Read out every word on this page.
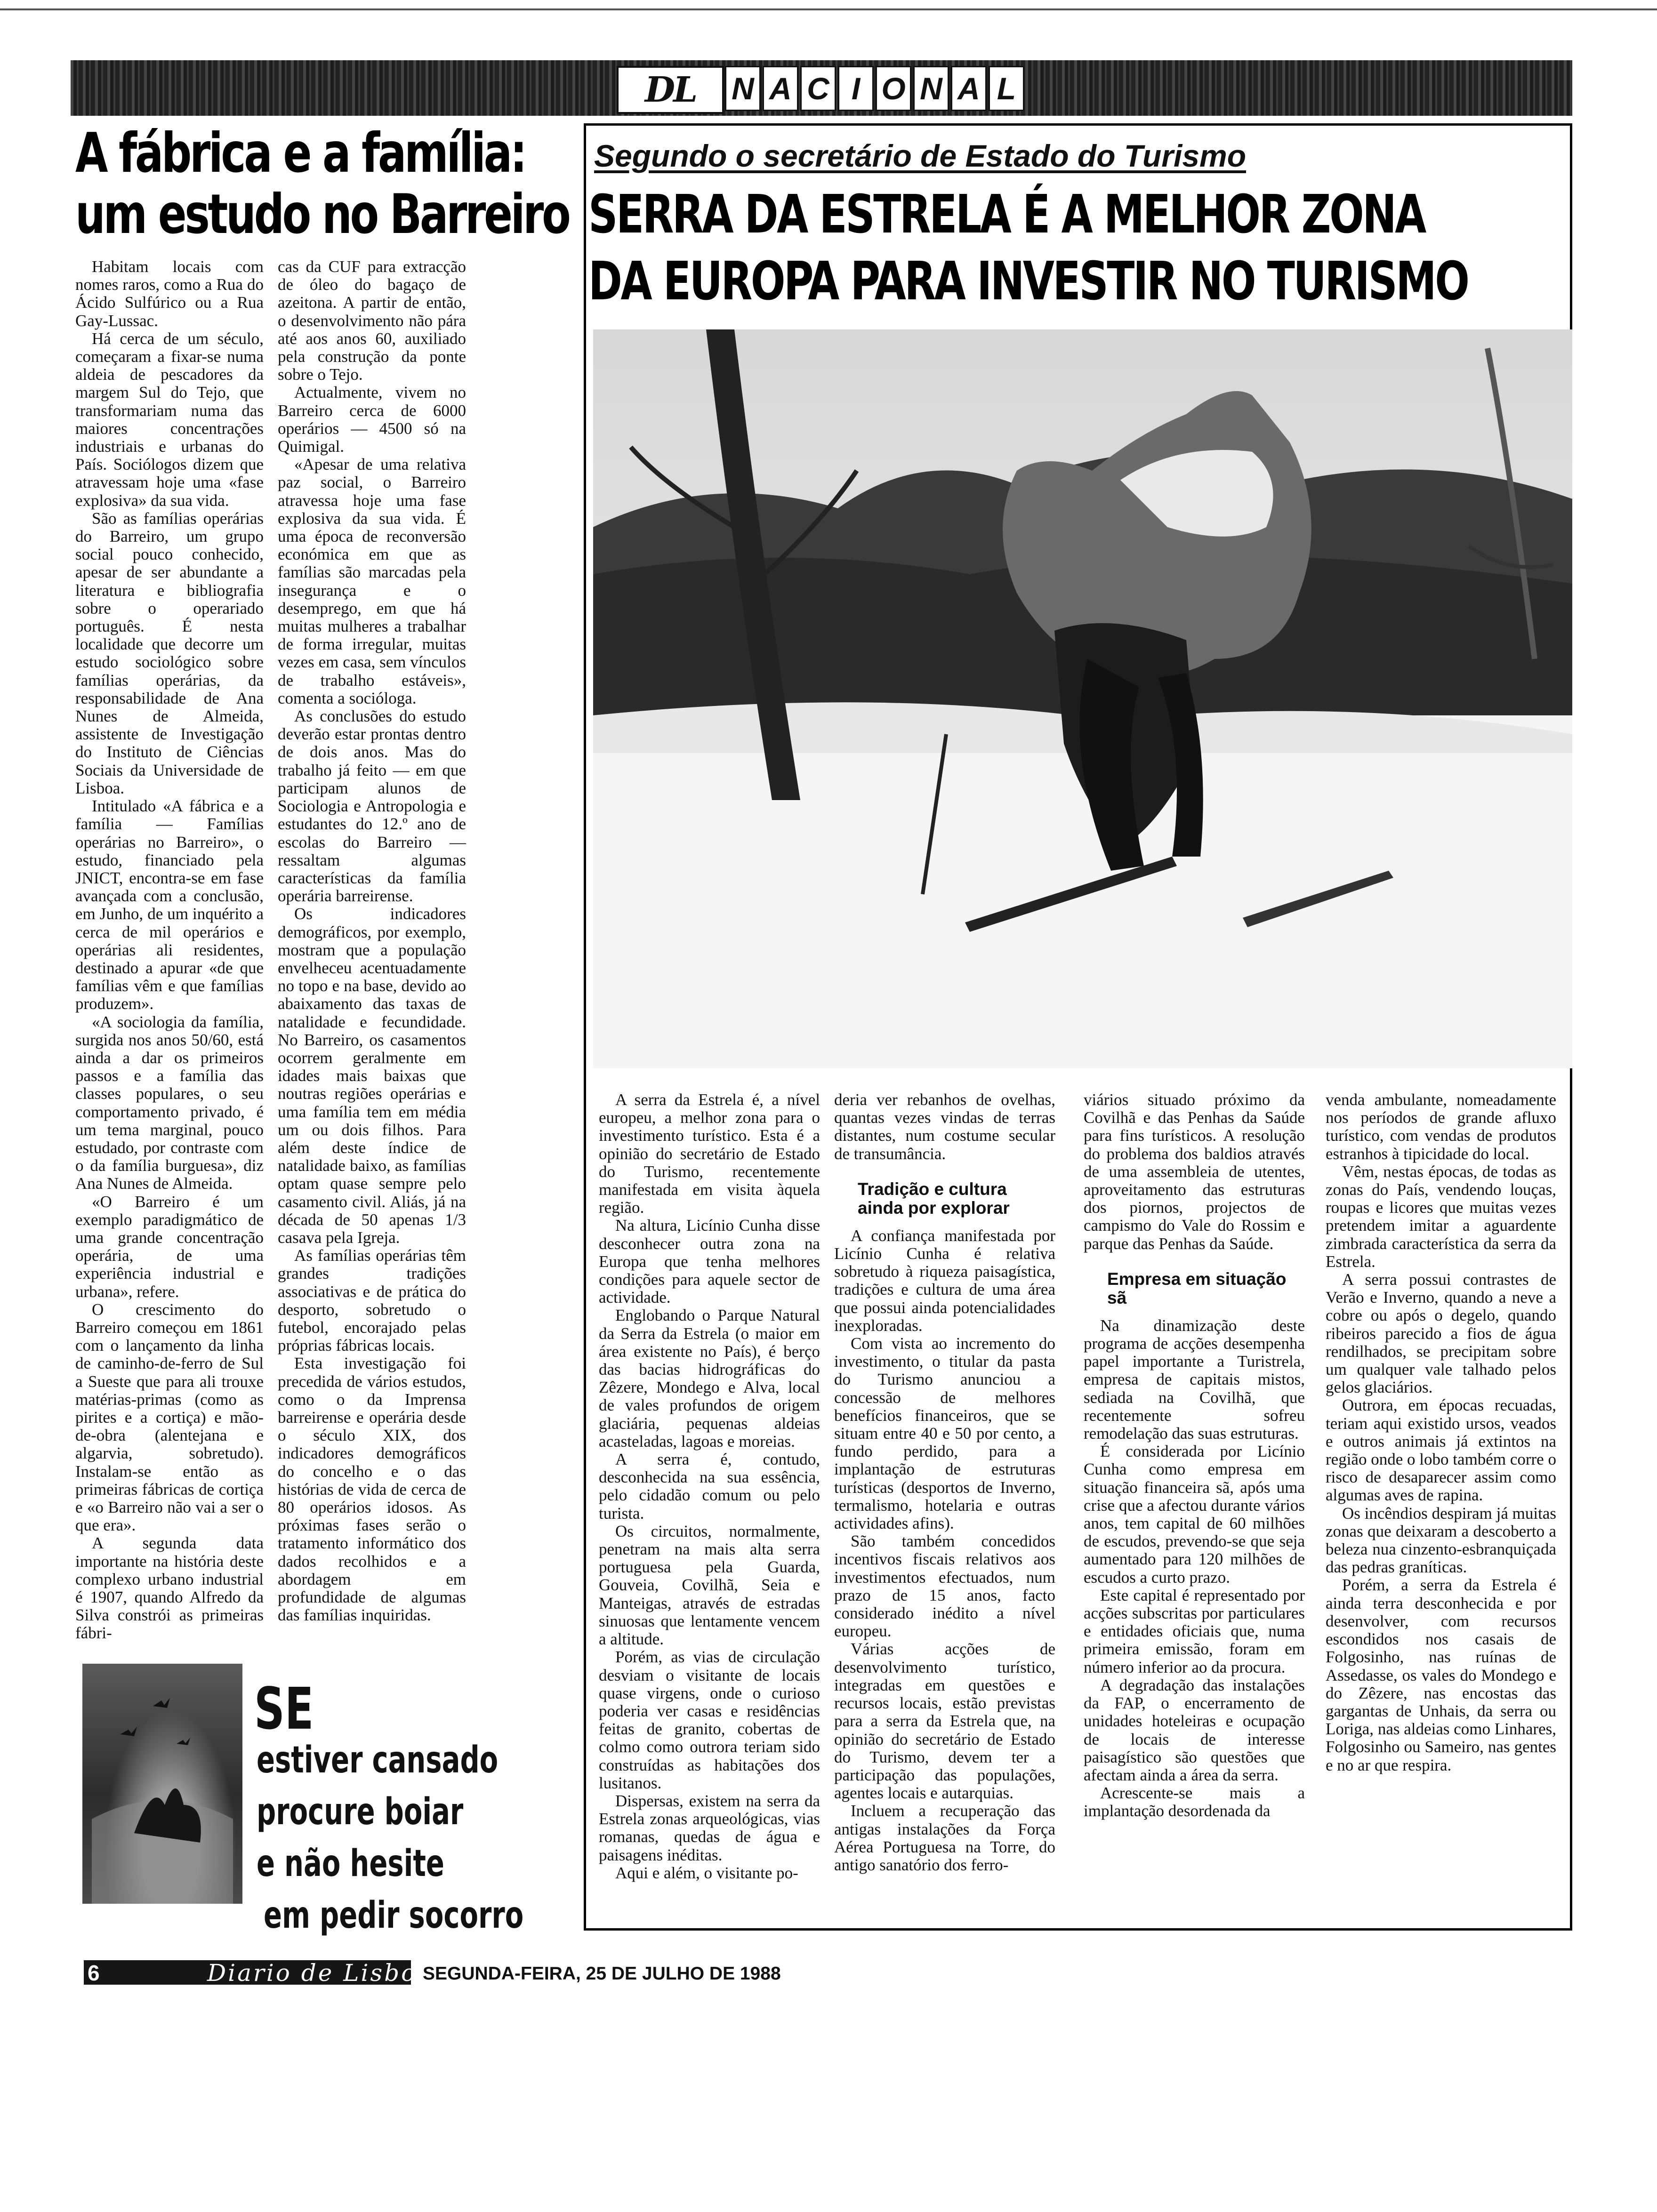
DL	N A C I O N A L
A fábrica e a família:
um estudo no Barreiro

Habitam locais com nomes raros, como a Rua do Ácido Sulfúrico ou a Rua Gay-Lussac.

Há cerca de um século, começaram a fixar-se numa aldeia de pescadores da margem Sul do Tejo, que transformariam numa das maiores concentrações industriais e urbanas do País. Sociólogos dizem que atravessam hoje uma «fase explosiva» da sua vida.

São as famílias operárias do Barreiro, um grupo social pouco conhecido, apesar de ser abundante a literatura e bibliografia sobre o operariado português. É nesta localidade que decorre um estudo sociológico sobre famílias operárias, da responsabilidade de Ana Nunes de Almeida, assistente de Investigação do Instituto de Ciências Sociais da Universidade de Lisboa.

Intitulado «A fábrica e a família — Famílias operárias no Barreiro», o estudo, financiado pela JNICT, encontra-se em fase avançada com a conclusão, em Junho, de um inquérito a cerca de mil operários e operárias ali residentes, destinado a apurar «de que famílias vêm e que famílias produzem».

«A sociologia da família, surgida nos anos 50/60, está ainda a dar os primeiros passos e a família das classes populares, o seu comportamento privado, é um tema marginal, pouco estudado, por contraste com o da família burguesa», diz Ana Nunes de Almeida.

«O Barreiro é um exemplo paradigmático de uma grande concentração operária, de uma experiência industrial e urbana», refere.

O crescimento do Barreiro começou em 1861 com o lançamento da linha de caminho-de-ferro de Sul a Sueste que para ali trouxe matérias-primas (como as pirites e a cortiça) e mão-de-obra (alentejana e algarvia, sobretudo). Instalam-se então as primeiras fábricas de cortiça e «o Barreiro não vai a ser o que era».

A segunda data importante na história deste complexo urbano industrial é 1907, quando Alfredo da Silva constrói as primeiras fábri-

cas da CUF para extracção de óleo do bagaço de azeitona. A partir de então, o desenvolvimento não pára até aos anos 60, auxiliado pela construção da ponte sobre o Tejo.

Actualmente, vivem no Barreiro cerca de 6000 operários — 4500 só na Quimigal.

«Apesar de uma relativa paz social, o Barreiro atravessa hoje uma fase explosiva da sua vida. É uma época de reconversão económica em que as famílias são marcadas pela insegurança e o desemprego, em que há muitas mulheres a trabalhar de forma irregular, muitas vezes em casa, sem vínculos de trabalho estáveis», comenta a socióloga.

As conclusões do estudo deverão estar prontas dentro de dois anos. Mas do trabalho já feito — em que participam alunos de Sociologia e Antropologia e estudantes do 12.º ano de escolas do Barreiro — ressaltam algumas características da família operária barreirense.

Os indicadores demográficos, por exemplo, mostram que a população envelheceu acentuadamente no topo e na base, devido ao abaixamento das taxas de natalidade e fecundidade. No Barreiro, os casamentos ocorrem geralmente em idades mais baixas que noutras regiões operárias e uma família tem em média um ou dois filhos. Para além deste índice de natalidade baixo, as famílias optam quase sempre pelo casamento civil. Aliás, já na década de 50 apenas 1/3 casava pela Igreja.

As famílias operárias têm grandes tradições associativas e de prática do desporto, sobretudo o futebol, encorajado pelas próprias fábricas locais.

Esta investigação foi precedida de vários estudos, como o da Imprensa barreirense e operária desde o século XIX, dos indicadores demográficos do concelho e o das histórias de vida de cerca de 80 operários idosos. As próximas fases serão o tratamento informático dos dados recolhidos e a abordagem em profundidade de algumas das famílias inquiridas.

SE
estiver cansado
procure boiar
e não hesite
em pedir socorro
Segundo o secretário de Estado do Turismo
SERRA DA ESTRELA É A MELHOR ZONA
DA EUROPA PARA INVESTIR NO TURISMO

A serra da Estrela é, a nível europeu, a melhor zona para o investimento turístico. Esta é a opinião do secretário de Estado do Turismo, recentemente manifestada em visita àquela região.

Na altura, Licínio Cunha disse desconhecer outra zona na Europa que tenha melhores condições para aquele sector de actividade.

Englobando o Parque Natural da Serra da Estrela (o maior em área existente no País), é berço das bacias hidrográficas do Zêzere, Mondego e Alva, local de vales profundos de origem glaciária, pequenas aldeias acasteladas, lagoas e moreias.

A serra é, contudo, desconhecida na sua essência, pelo cidadão comum ou pelo turista.

Os circuitos, normalmente, penetram na mais alta serra portuguesa pela Guarda, Gouveia, Covilhã, Seia e Manteigas, através de estradas sinuosas que lentamente vencem a altitude.

Porém, as vias de circulação desviam o visitante de locais quase virgens, onde o curioso poderia ver casas e residências feitas de granito, cobertas de colmo como outrora teriam sido construídas as habitações dos lusitanos.

Dispersas, existem na serra da Estrela zonas arqueológicas, vias romanas, quedas de água e paisagens inéditas.

Aqui e além, o visitante po-

deria ver rebanhos de ovelhas, quantas vezes vindas de terras distantes, num costume secular de transumância.

Tradição e cultura ainda por explorar

A confiança manifestada por Licínio Cunha é relativa sobretudo à riqueza paisagística, tradições e cultura de uma área que possui ainda potencialidades inexploradas.

Com vista ao incremento do investimento, o titular da pasta do Turismo anunciou a concessão de melhores benefícios financeiros, que se situam entre 40 e 50 por cento, a fundo perdido, para a implantação de estruturas turísticas (desportos de Inverno, termalismo, hotelaria e outras actividades afins).

São também concedidos incentivos fiscais relativos aos investimentos efectuados, num prazo de 15 anos, facto considerado inédito a nível europeu.

Várias acções de desenvolvimento turístico, integradas em questões e recursos locais, estão previstas para a serra da Estrela que, na opinião do secretário de Estado do Turismo, devem ter a participação das populações, agentes locais e autarquias.

Incluem a recuperação das antigas instalações da Força Aérea Portuguesa na Torre, do antigo sanatório dos ferro-

viários situado próximo da Covilhã e das Penhas da Saúde para fins turísticos. A resolução do problema dos baldios através de uma assembleia de utentes, aproveitamento das estruturas dos piornos, projectos de campismo do Vale do Rossim e parque das Penhas da Saúde.

Empresa em situação sã

Na dinamização deste programa de acções desempenha papel importante a Turistrela, empresa de capitais mistos, sediada na Covilhã, que recentemente sofreu remodelação das suas estruturas.

É considerada por Licínio Cunha como empresa em situação financeira sã, após uma crise que a afectou durante vários anos, tem capital de 60 milhões de escudos, prevendo-se que seja aumentado para 120 milhões de escudos a curto prazo.

Este capital é representado por acções subscritas por particulares e entidades oficiais que, numa primeira emissão, foram em número inferior ao da procura.

A degradação das instalações da FAP, o encerramento de unidades hoteleiras e ocupação de locais de interesse paisagístico são questões que afectam ainda a área da serra.

Acrescente-se mais a implantação desordenada da

venda ambulante, nomeadamente nos períodos de grande afluxo turístico, com vendas de produtos estranhos à tipicidade do local.

Vêm, nestas épocas, de todas as zonas do País, vendendo louças, roupas e licores que muitas vezes pretendem imitar a aguardente zimbrada característica da serra da Estrela.

A serra possui contrastes de Verão e Inverno, quando a neve a cobre ou após o degelo, quando ribeiros parecido a fios de água rendilhados, se precipitam sobre um qualquer vale talhado pelos gelos glaciários.

Outrora, em épocas recuadas, teriam aqui existido ursos, veados e outros animais já extintos na região onde o lobo também corre o risco de desaparecer assim como algumas aves de rapina.

Os incêndios despiram já muitas zonas que deixaram a descoberto a beleza nua cinzento-esbranquiçada das pedras graníticas.

Porém, a serra da Estrela é ainda terra desconhecida e por desenvolver, com recursos escondidos nos casais de Folgosinho, nas ruínas de Assedasse, os vales do Mondego e do Zêzere, nas encostas das gargantas de Unhais, da serra ou Loriga, nas aldeias como Linhares, Folgosinho ou Sameiro, nas gentes e no ar que respira.

6	Diario de Lisboa
SEGUNDA-FEIRA, 25 DE JULHO DE 1988
